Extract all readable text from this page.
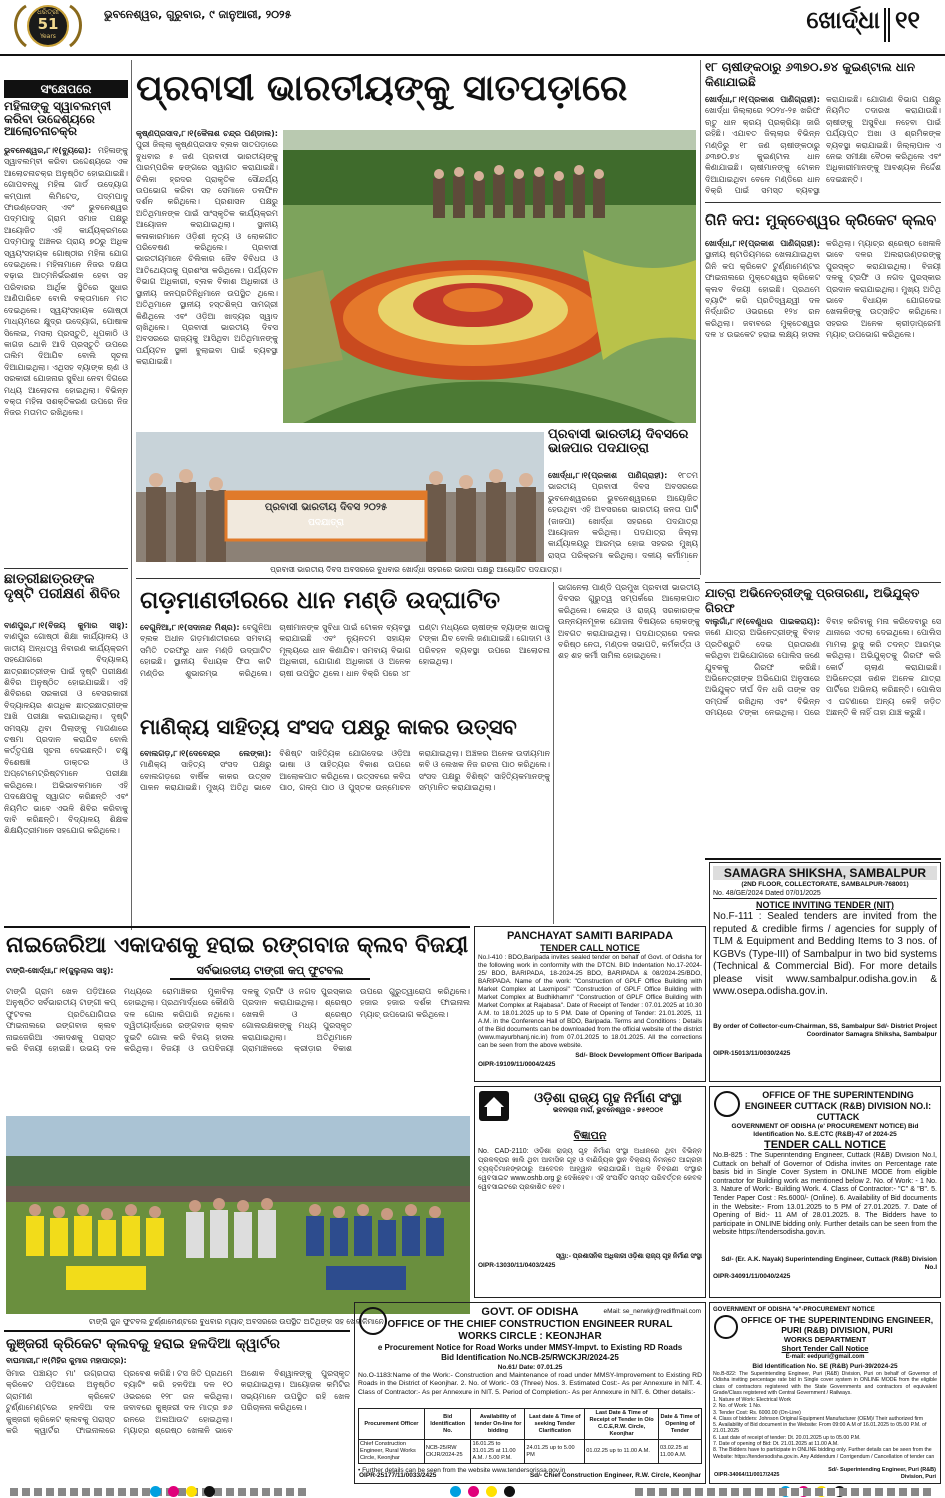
ଧରିତ୍ରୀ
51
Years
ଭୁବନେଶ୍ୱର, ଗୁରୁବାର, ୯ ଜାନୁଆରୀ, ୨୦୨୫	ଖୋର୍ଦ୍ଧା ୧୧
ସଂକ୍ଷେପରେ
ମହିଳାଙ୍କୁ ସ୍ୱାବଲମ୍ବୀ କରିବା ଉଦ୍ଦେଶ୍ୟରେ ଆଲୋଚନାଚକ୍ର
ଭୁବନେଶ୍ୱର,୮।୧(ବ୍ୟୁରୋ): ମହିଳାଙ୍କୁ ସ୍ୱାବଲମ୍ବୀ କରିବା ଉଦ୍ଦେଶ୍ୟରେ ଏକ ଆଲୋଚନାଚକ୍ର ଅନୁଷ୍ଠିତ ହୋଇଯାଇଛି। ଗୋପବନ୍ଧୁ ମହିଳା ଗାର୍ଡ ଉଦ୍ୟୋଗ କମ୍ପାନୀ ଲିମିଟେଡ୍, ପଦ୍ମପାଦୁ ଫାଉଣ୍ଡେସନ୍ ଏବଂ ଭୁବନେଶ୍ୱର ପଦ୍ମପାଦୁ ଗ୍ରାମ ସମାଜ ପକ୍ଷରୁ ଆୟୋଜିତ ଏହି କାର୍ଯ୍ୟକ୍ରମରେ ପଦ୍ମପାଦୁ ଅଞ୍ଚଳର ପ୍ରାୟ ୭୦ରୁ ଅଧିକ ସ୍ୱୟଂସହାୟକ ଗୋଷ୍ଠୀର ମହିଳା ଯୋଗ ଦେଇଥିଲେ। ମହିଳାମାନେ ନିଜର ଦକ୍ଷତା ବଢ଼ାଇ ଆତ୍ମନିର୍ଭରଶୀଳ ହେବା ସହ ପରିବାରର ଆର୍ଥିକ ସ୍ଥିତିରେ ସୁଧାର ଆଣିପାରିବେ ବୋଲି ବକ୍ତାମାନେ ମତ ଦେଇଥିଲେ। ସ୍ୱୟଂସହାୟକ ଗୋଷ୍ଠୀ ମାଧ୍ୟମରେ କ୍ଷୁଦ୍ର ଉଦ୍ୟୋଗ, ପୋଷାକ ସିଲେଇ, ମସଲା ପ୍ରସ୍ତୁତି, ଧୂପକାଠି ଓ କାଗଜ ଥୋଳି ଆଦି ପ୍ରସ୍ତୁତି ଉପରେ ତାଲିମ ଦିଆଯିବ ବୋଲି ସୂଚନା ଦିଆଯାଇଥିଲା। ଏଥିସହ ବ୍ୟାଙ୍କ ଋଣ ଓ ସରକାରୀ ଯୋଜନାର ସୁବିଧା ନେବା ଦିଗରେ ମଧ୍ୟ ଆଲୋଚନା ହୋଇଥିଲା। ବିଭିନ୍ନ ବକ୍ତା ମହିଳା ସଶକ୍ତିକରଣ ଉପରେ ନିଜ ନିଜର ମତାମତ ରଖିଥିଲେ।
ଛାତ୍ରୀଛାତ୍ରଙ୍କ ଦୃଷ୍ଟି ପରୀକ୍ଷଣ ଶିବିର
ବାଣପୁର,୮।୧(ବିଜୟ କୁମାର ସାହୁ): ବାଣପୁର ଗୋଷ୍ଠୀ ଶିକ୍ଷା କାର୍ଯ୍ୟାଳୟ ଓ ଜାତୀୟ ଅନ୍ଧତ୍ୱ ନିବାରଣ କାର୍ଯ୍ୟକ୍ରମ ସହଯୋଗରେ ବିଦ୍ୟାଳୟ ଛାତ୍ରଛାତ୍ରୀଙ୍କ ପାଇଁ ଦୃଷ୍ଟି ପରୀକ୍ଷଣ ଶିବିର ଅନୁଷ୍ଠିତ ହୋଇଯାଇଛି। ଏହି ଶିବିରରେ ସରକାରୀ ଓ ବେସରକାରୀ ବିଦ୍ୟାଳୟର ଶତାଧିକ ଛାତ୍ରଛାତ୍ରୀଙ୍କ ଆଖି ପରୀକ୍ଷା କରାଯାଇଥିଲା। ଦୃଷ୍ଟି ସମସ୍ୟା ଥିବା ପିଲାଙ୍କୁ ମାଗଣାରେ ଚଷମା ପ୍ରଦାନ କରାଯିବ ବୋଲି କର୍ତ୍ତୃପକ୍ଷ ସୂଚନା ଦେଇଛନ୍ତି। ଚକ୍ଷୁ ବିଶେଷଜ୍ଞ ଡାକ୍ତର ଓ ଅପ୍ଟୋମେଟ୍ରିଷ୍ଟମାନେ ପରୀକ୍ଷା କରିଥିଲେ। ଅଭିଭାବକମାନେ ଏହି ପଦକ୍ଷେପକୁ ସ୍ୱାଗତ କରିଛନ୍ତି ଏବଂ ନିୟମିତ ଭାବେ ଏଭଳି ଶିବିର କରିବାକୁ ଦାବି କରିଛନ୍ତି। ବିଦ୍ୟାଳୟ ଶିକ୍ଷକ ଶିକ୍ଷୟିତ୍ରୀମାନେ ସହଯୋଗ କରିଥିଲେ।
ପ୍ରବାସୀ ଭାରତୀୟଙ୍କୁ ସାତପଡ଼ାରେ
କୃଷ୍ଣପ୍ରସାଦ,୮।୧(କୈଳାଶ ଚନ୍ଦ୍ର ପଣ୍ଡାଲ): ପୁରୀ ଜିଲ୍ଲା କୃଷ୍ଣପ୍ରସାଦ ବ୍ଲକ ସାତପଡ଼ାରେ ବୁଧବାର ୫ ଜଣ ପ୍ରବାସୀ ଭାରତୀୟଙ୍କୁ ପାରମ୍ପରିକ ଢଙ୍ଗରେ ସ୍ୱାଗତ କରାଯାଇଛି। ଚିଲିକା ହ୍ରଦର ପ୍ରାକୃତିକ ସୌନ୍ଦର୍ଯ୍ୟ ଉପଭୋଗ କରିବା ସହ ସେମାନେ ଡଲଫିନ ଦର୍ଶନ କରିଥିଲେ। ପ୍ରଶାସନ ପକ୍ଷରୁ ଅତିଥିମାନଙ୍କ ପାଇଁ ସାଂସ୍କୃତିକ କାର୍ଯ୍ୟକ୍ରମ ଆୟୋଜନ କରାଯାଇଥିଲା। ସ୍ଥାନୀୟ କଳାକାରମାନେ ଓଡ଼ିଶୀ ନୃତ୍ୟ ଓ ଲୋକଗୀତ ପରିବେଷଣ କରିଥିଲେ। ପ୍ରବାସୀ ଭାରତୀୟମାନେ ଚିଲିକାର ଜୈବ ବିବିଧତା ଓ ଆତିଥେୟତାକୁ ପ୍ରଶଂସା କରିଥିଲେ। ପର୍ଯ୍ୟଟନ ବିଭାଗ ଅଧିକାରୀ, ବ୍ଲକ ବିକାଶ ଅଧିକାରୀ ଓ ସ୍ଥାନୀୟ ଜନପ୍ରତିନିଧିମାନେ ଉପସ୍ଥିତ ଥିଲେ। ଅତିଥିମାନେ ସ୍ଥାନୀୟ ହସ୍ତଶିଳ୍ପ ସାମଗ୍ରୀ କିଣିଥିଲେ ଏବଂ ଓଡ଼ିଆ ଖାଦ୍ୟର ସ୍ୱାଦ ଚାଖିଥିଲେ। ପ୍ରବାସୀ ଭାରତୀୟ ଦିବସ ଅବସରରେ ରାଜ୍ୟକୁ ଆସିଥିବା ଅତିଥିମାନଙ୍କୁ ପର୍ଯ୍ୟଟନ ସ୍ଥଳୀ ବୁଲାଇବା ପାଇଁ ବ୍ୟବସ୍ଥା କରାଯାଇଛି।
ପ୍ରବାସୀ ଭାରତୀୟ ଦିବସ ୨୦୨୫
ପଦଯାତ୍ରା
ପ୍ରବାସୀ ଭାରତୀୟ ଦିବସ ଅବସରରେ ବୁଧବାର ଖୋର୍ଦ୍ଧା ସହରରେ ଭାଜପା ପକ୍ଷରୁ ଆୟୋଜିତ ପଦଯାତ୍ରା।
ପ୍ରବାସୀ ଭାରତୀୟ ଦିବସରେ ଭାଜପାର ପଦଯାତ୍ରା
ଖୋର୍ଦ୍ଧା,୮।୧(ପ୍ରକାଶ ପାଣିଗ୍ରାହୀ): ୧୮ତମ ଭାରତୀୟ ପ୍ରବାସୀ ଦିବସ ଅବସରରେ ଭୁବନେଶ୍ୱରରେ ଭୁବନେଶ୍ୱରରେ ଆୟୋଜିତ ହେଉଥିବା ଏହି ଅବସରରେ ଭାରତୀୟ ଜନତା ପାର୍ଟି (ଜାଜପା) ଖୋର୍ଦ୍ଧା ସହରରେ ପଦଯାତ୍ରା ଆୟୋଜନ କରିଥିଲା। ପଦଯାତ୍ରା ଜିଲ୍ଲା କାର୍ଯ୍ୟାଳୟରୁ ଆରମ୍ଭ ହୋଇ ସହରର ମୁଖ୍ୟ ରାସ୍ତା ପରିକ୍ରମା କରିଥିଲା। ଦଳୀୟ କର୍ମୀମାନେ
ଗଡ଼ମାଣତୀରରେ ଧାନ ମଣ୍ଡି ଉଦ୍‌ଘାଟିତ
ବେଗୁନିଆ,୮।୧(ସଦାନନ୍ଦ ମିଶ୍ର): ବେଗୁନିଆ ବ୍ଲକ ଅଧୀନ ଗଡ଼ମାଣତୀରରେ ସମବାୟ ସମିତି ତରଫରୁ ଧାନ ମଣ୍ଡି ଉଦ୍‌ଘାଟିତ ହୋଇଛି। ସ୍ଥାନୀୟ ବିଧାୟକ ଫିତା କାଟି ମଣ୍ଡିର ଶୁଭାରମ୍ଭ କରିଥିଲେ। ଚାଷୀମାନଙ୍କ ସୁବିଧା ପାଇଁ ଟୋକନ ବ୍ୟବସ୍ଥା କରାଯାଇଛି ଏବଂ ନ୍ୟୁନତମ ସହାୟକ ମୂଲ୍ୟରେ ଧାନ କିଣାଯିବ। ସମବାୟ ବିଭାଗ ଅଧିକାରୀ, ଯୋଗାଣ ଅଧିକାରୀ ଓ ଅନେକ ଚାଷୀ ଉପସ୍ଥିତ ଥିଲେ। ଧାନ ବିକ୍ରି ପରେ ୪୮ ଘଣ୍ଟା ମଧ୍ୟରେ ଚାଷୀଙ୍କ ବ୍ୟାଙ୍କ ଖାତାକୁ ଟଙ୍କା ଯିବ ବୋଲି ଜଣାଯାଇଛି। ଗୋଦାମ ଓ ପରିବହନ ବ୍ୟବସ୍ଥା ଉପରେ ଆଲୋଚନା ହୋଇଥିଲା।
ମାଣିକ୍ୟ ସାହିତ୍ୟ ସଂସଦ ପକ୍ଷରୁ କାକର ଉତ୍ସବ
ବୋଲଗଡ଼,୮।୧(ଦେବେନ୍ଦ୍ର ଲେଙ୍କା): ମାଣିକ୍ୟ ସାହିତ୍ୟ ସଂସଦ ପକ୍ଷରୁ ବୋଲଗଡ଼ରେ ବାର୍ଷିକ କାକର ଉତ୍ସବ ପାଳନ କରାଯାଇଛି। ମୁଖ୍ୟ ଅତିଥି ଭାବେ ବିଶିଷ୍ଟ ସାହିତ୍ୟିକ ଯୋଗଦେଇ ଓଡ଼ିଆ ଭାଷା ଓ ସାହିତ୍ୟର ବିକାଶ ଉପରେ ଆଲୋକପାତ କରିଥିଲେ। ଉତ୍ସବରେ କବିତା ପାଠ, ଗଳ୍ପ ପାଠ ଓ ପୁସ୍ତକ ଉନ୍ମୋଚନ କରାଯାଇଥିଲା। ଅଞ୍ଚଳର ଅନେକ ଉଦୀୟମାନ କବି ଓ ଲେଖକ ନିଜ ରଚନା ପାଠ କରିଥିଲେ। ସଂସଦ ପକ୍ଷରୁ ବିଶିଷ୍ଟ ସାହିତ୍ୟିକମାନଙ୍କୁ ସମ୍ମାନିତ କରାଯାଇଥିଲା।
ଭାଗନେଲା ପାଣ୍ଡି ପ୍ରମୁଖ ପ୍ରବାସୀ ଭାରତୀୟ ଦିବସର ଗୁରୁତ୍ୱ ସମ୍ପର୍କରେ ଆଲୋକପାତ କରିଥିଲେ। କେନ୍ଦ୍ର ଓ ରାଜ୍ୟ ସରକାରଙ୍କ ଉନ୍ନୟନମୂଳକ ଯୋଜନା ବିଷୟରେ ଲୋକଙ୍କୁ ଅବଗତ କରାଯାଇଥିଲା। ପଦଯାତ୍ରାରେ ଦଳର ବରିଷ୍ଠ ନେତା, ମଣ୍ଡଳ ସଭାପତି, କର୍ମକର୍ତ୍ତା ଓ ଶହ ଶହ କର୍ମୀ ସାମିଲ ହୋଇଥିଲେ।
୧୮ ଚାଷୀଙ୍କଠାରୁ ୬୩୭୦.୭୪ କୁଇଣ୍ଟାଲ ଧାନ କିଣାଯାଇଛି
ଖୋର୍ଦ୍ଧା,୮।୧(ପ୍ରକାଶ ପାଣିଗ୍ରାହୀ): ଖୋର୍ଦ୍ଧା ଜିଲ୍ଲାରେ ୨୦୨୪-୨୫ ଖରିଫ ଋତୁ ଧାନ କ୍ରୟ ପ୍ରକ୍ରିୟା ଜାରି ରହିଛି। ଏଯାବତ ଜିଲ୍ଲାର ବିଭିନ୍ନ ମଣ୍ଡିରୁ ୧୮ ଜଣ ଚାଷୀଙ୍କଠାରୁ ୬୩୭୦.୭୪ କୁଇଣ୍ଟାଲ ଧାନ କିଣାଯାଇଛି। ଚାଷୀମାନଙ୍କୁ ଟୋକନ ଦିଆଯାଇଥିବା ବେଳେ ମଣ୍ଡିରେ ଧାନ ବିକ୍ରି ପାଇଁ ସମସ୍ତ ବ୍ୟବସ୍ଥା କରାଯାଇଛି। ଯୋଗାଣ ବିଭାଗ ପକ୍ଷରୁ ନିୟମିତ ତଦାରଖ କରାଯାଉଛି। ଚାଷୀଙ୍କୁ ଅସୁବିଧା ନହେବା ପାଇଁ ପର୍ଯ୍ୟାପ୍ତ ଅଖା ଓ ଶ୍ରମିକଙ୍କ ବ୍ୟବସ୍ଥା କରାଯାଇଛି। ଜିଲ୍ଲାପାଳ ଏ ନେଇ ସମୀକ୍ଷା ବୈଠକ କରିଥିଲେ ଏବଂ ଅଧିକାରୀମାନଙ୍କୁ ଆବଶ୍ୟକ ନିର୍ଦ୍ଦେଶ ଦେଇଛନ୍ତି।
ଗିନି କପ: ମୁକ୍ତେଶ୍ୱର କ୍ରିକେଟ କ୍ଲବ
ଖୋର୍ଦ୍ଧା,୮।୧(ପ୍ରକାଶ ପାଣିଗ୍ରାହୀ): ସ୍ଥାନୀୟ ଷ୍ଟାଡିୟମରେ ଖେଳାଯାଇଥିବା ଗିନି କପ କ୍ରିକେଟ ଟୁର୍ଣ୍ଣାମେଣ୍ଟର ଫାଇନାଲରେ ମୁକ୍ତେଶ୍ୱର କ୍ରିକେଟ କ୍ଲବ ବିଜୟୀ ହୋଇଛି। ପ୍ରଥମେ ବ୍ୟାଟିଂ କରି ପ୍ରତିଦ୍ୱନ୍ଦ୍ୱୀ ଦଳ ନିର୍ଦ୍ଧାରିତ ଓଭରରେ ୧୨୪ ରନ କରିଥିଲା। ଜବାବରେ ମୁକ୍ତେଶ୍ୱର ଦଳ ୪ ଉଇକେଟ ହରାଇ ଲକ୍ଷ୍ୟ ହାସଲ କରିଥିଲା। ମ୍ୟାଚ୍‌ର ଶ୍ରେଷ୍ଠ ଖେଳାଳି ଭାବେ ଦଳର ଅଲରାଉଣ୍ଡରଙ୍କୁ ପୁରସ୍କୃତ କରାଯାଇଥିଲା। ବିଜୟୀ ଦଳକୁ ଟ୍ରଫି ଓ ନଗଦ ପୁରସ୍କାର ପ୍ରଦାନ କରାଯାଇଥିଲା। ମୁଖ୍ୟ ଅତିଥି ଭାବେ ବିଧାୟକ ଯୋଗଦେଇ ଖେଳାଳିଙ୍କୁ ଉତ୍ସାହିତ କରିଥିଲେ। ସହରର ଅନେକ କ୍ରୀଡ଼ାପ୍ରେମୀ ମ୍ୟାଚ୍ ଉପଭୋଗ କରିଥିଲେ।
ଯାତ୍ରା ଅଭିନେତ୍ରୀଙ୍କୁ ପ୍ରତାରଣା, ଅଭିଯୁକ୍ତ ଗିରଫ
ବାଲୁଗାଁ,୮।୧(ବେଣୁଧର ପାଇକରାୟ): ଜଣେ ଯାତ୍ରା ଅଭିନେତ୍ରୀଙ୍କୁ ବିବାହ ପ୍ରତିଶ୍ରୁତି ଦେଇ ପ୍ରତାରଣା କରିଥିବା ଅଭିଯୋଗରେ ପୋଲିସ ଜଣେ ଯୁବକକୁ ଗିରଫ କରିଛି। ଅଭିନେତ୍ରୀଙ୍କ ଅଭିଯୋଗ ଅନୁସାରେ ଅଭିଯୁକ୍ତ ଦୀର୍ଘ ଦିନ ଧରି ତାଙ୍କ ସହ ସମ୍ପର୍କ ରଖିଥିଲା ଏବଂ ବିଭିନ୍ନ ସମୟରେ ଟଙ୍କା ନେଇଥିଲା। ପରେ ବିବାହ କରିବାକୁ ମନା କରିଦେବାରୁ ସେ ଥାନାରେ ଏତଲା ଦେଇଥିଲେ। ପୋଲିସ ମାମଲା ରୁଜୁ କରି ତଦନ୍ତ ଆରମ୍ଭ କରିଥିଲା। ଅଭିଯୁକ୍ତକୁ ଗିରଫ କରି କୋର୍ଟ ଚାଲାଣ କରାଯାଇଛି। ଅଭିନେତ୍ରୀ ଜଣକ ଅନେକ ଯାତ୍ରା ପାର୍ଟିରେ ଅଭିନୟ କରିଛନ୍ତି। ପୋଲିସ ଏ ଘଟଣାରେ ଅନ୍ୟ କେହି ଜଡ଼ିତ ଅଛନ୍ତି କି ନାହିଁ ତାହା ଯାଞ୍ଚ କରୁଛି।
ନାଇଜେରିଆ ଏକାଦଶକୁ ହରାଇ ରଙ୍ଗବାଜ କ୍ଲବ ବିଜୟୀ
ଟାଙ୍ଗି-ଖୋର୍ଦ୍ଧା,୮।୧(ଜୁଲୁଲାଲ ସାହୁ):	ସର୍ବଭାରତୀୟ ଟାଙ୍ଗୀ କପ୍ ଫୁଟବଲ
ଟାଙ୍ଗି ଗ୍ରାମ ଖେଳ ପଡ଼ିଆରେ ଅନୁଷ୍ଠିତ ସର୍ବଭାରତୀୟ ଟାଙ୍ଗୀ କପ୍ ଫୁଟବଲ ପ୍ରତିଯୋଗିତାର ଫାଇନାଲରେ ରଙ୍ଗବାଜ କ୍ଲବ ନାଇଜେରିଆ ଏକାଦଶକୁ ପରାସ୍ତ କରି ବିଜୟୀ ହୋଇଛି। ଉଭୟ ଦଳ ମଧ୍ୟରେ ରୋମାଞ୍ଚକର ମୁକାବିଲା ହୋଇଥିଲା। ପ୍ରଥମାର୍ଦ୍ଧରେ କୌଣସି ଦଳ ଗୋଲ କରିପାରି ନଥିଲେ। ଦ୍ୱିତୀୟାର୍ଦ୍ଧରେ ରଙ୍ଗବାଜ କ୍ଲବ ଦୁଇଟି ଗୋଲ କରି ବିଜୟ ହାସଲ କରିଥିଲା। ବିଜୟୀ ଓ ଉପବିଜୟୀ ଦଳକୁ ଟ୍ରଫି ଓ ନଗଦ ପୁରସ୍କାର ପ୍ରଦାନ କରାଯାଇଥିଲା। ଶ୍ରେଷ୍ଠ ଖେଳାଳି ଓ ଶ୍ରେଷ୍ଠ ଗୋଲରକ୍ଷକଙ୍କୁ ମଧ୍ୟ ପୁରସ୍କୃତ କରାଯାଇଥିଲା। ଅତିଥିମାନେ ଗ୍ରାମାଞ୍ଚଳରେ କ୍ରୀଡ଼ାର ବିକାଶ ଉପରେ ଗୁରୁତ୍ୱାରୋପ କରିଥିଲେ। ହଜାର ହଜାର ଦର୍ଶକ ଫାଇନାଲ ମ୍ୟାଚ୍ ଉପଭୋଗ କରିଥିଲେ।
ଟାଙ୍ଗି ଜୁନ ଫୁଟବଲ ଟୁର୍ଣ୍ଣାମେଣ୍ଟରେ ବୁଧବାର ମ୍ୟାଚ୍ ଅବସରରେ ଉପସ୍ଥିତ ଅତିଥିଙ୍କ ସହ ଖେଳାଳିମାନେ।
କୁଞ୍ଜରୀ କ୍ରିକେଟ କ୍ଲବକୁ ହରାଇ ହଳଦିଆ କ୍ୱାର୍ଟର
ବାଘମାରୀ,୮।୧(ମିହିର କୁମାର ମହାପାତ୍ର):
ସିମାର ପଞ୍ଚାୟତ ମା' ଉଗ୍ରତାରା କ୍ରିକେଟ ପଡ଼ିଆରେ ଅନୁଷ୍ଠିତ ଗ୍ରାମୀଣ କ୍ରିକେଟ ଟୁର୍ଣ୍ଣାମେଣ୍ଟରେ ହଳଦିଆ ଦଳ କୁଞ୍ଜରୀ କ୍ରିକେଟ କ୍ଲବକୁ ପରାସ୍ତ କରି କ୍ୱାର୍ଟର ଫାଇନାଲରେ ପ୍ରବେଶ କରିଛି। ଟସ ଜିତି ପ୍ରଥମେ ବ୍ୟାଟିଂ କରି ହଳଦିଆ ଦଳ ୧୦ ଓଭରରେ ୧୨୮ ରନ କରିଥିଲା। ଜବାବରେ କୁଞ୍ଜରୀ ଦଳ ମାତ୍ର ୭୬ ରନରେ ଅଲଆଉଟ ହୋଇଥିଲା। ମ୍ୟାଚ୍‌ର ଶ୍ରେଷ୍ଠ ଖେଳାଳି ଭାବେ ଅଶୋକ ବିଶ୍ୱାଳଙ୍କୁ ପୁରସ୍କୃତ କରାଯାଇଥିଲା। ଆୟୋଜକ କମିଟିର ସଭ୍ୟମାନେ ଉପସ୍ଥିତ ରହି ଖେଳ ପରିଚାଳନା କରିଥିଲେ।
PANCHAYAT SAMITI BARIPADA
TENDER CALL NOTICE
No.I-410 : BDO,Baripada invites sealed tender on behalf of Govt. of Odisha for the following work in conformity with the DTCN. BID Indentation No.17-2024-25/ BDO, BARIPADA, 18-2024-25 BDO, BARIPADA & 08/2024-25/BDO, BARIPADA. Name of the work: "Construction of GPLF Office Building with Market Complex at Laxmiposi" "Construction of GPLF Office Building with Market Complex at Budhikhamri" "Construction of GPLF Office Building with Market Complex at Rajabasa". Date of Receipt of Tender : 07.01.2025 at 10.30 A.M. to 18.01.2025 up to 5 PM. Date of Opening of Tender: 21.01.2025, 11 A.M. in the Conference Hall of BDO, Baripada. Terms and Conditions : Details of the Bid documents can be downloaded from the official website of the district (www.mayurbhanj.nic.in) from 07.01.2025 to 18.01.2025. All the corrections can be seen from the above website.
Sd/- Block Development Officer Baripada
OIPR-19109/11/0004/2425
SAMAGRA SHIKSHA, SAMBALPUR
(2ND FLOOR, COLLECTORATE, SAMBALPUR-768001)
No. 48/GE/2024 Dated 07/01/2025
NOTICE INVITING TENDER (NIT)
No.F-111 : Sealed tenders are invited from the reputed & credible firms / agencies for supply of TLM & Equipment and Bedding Items to 3 nos. of KGBVs (Type-III) of Sambalpur in two bid systems (Technical & Commercial Bid). For more details please visit www.sambalpur.odisha.gov.in & www.osepa.odisha.gov.in.
By order of Collector-cum-Chairman, SS, Sambalpur Sd/- District Project Coordinator Samagra Shiksha, Sambalpur
OIPR-15013/11/0030/2425
ଓଡ଼ିଶା ରାଜ୍ୟ ଗୃହ ନିର୍ମାଣ ସଂସ୍ଥା
ଭବନରାଜ ମାର୍ଗ, ଭୁବନେଶ୍ୱର - ୭୫୧୦୦୧
ବିଜ୍ଞାପନ
No. CAD-2110: ଓଡ଼ିଶା ରାଜ୍ୟ ଗୃହ ନିର୍ମାଣ ସଂସ୍ଥା ଅଧୀନରେ ଥିବା ବିଭିନ୍ନ ପ୍ରକଳ୍ପର ଖାଲି ଥିବା ଆବାସିକ ଗୃହ ଓ ବାଣିଜ୍ୟିକ ସ୍ଥାନ ବିକ୍ରୟ ନିମନ୍ତେ ଆଗ୍ରହୀ ବ୍ୟକ୍ତିମାନଙ୍କଠାରୁ ଆବେଦନ ଆହ୍ୱାନ କରାଯାଉଛି। ଅଧିକ ବିବରଣୀ ସଂସ୍ଥାର ୱେବସାଇଟ www.oshb.org ରୁ ଦେଖିହେବ। ଏହି ସଂପର୍କିତ ସମସ୍ତ ପରିବର୍ତ୍ତନ କେବଳ ୱେବସାଇଟରେ ପ୍ରକାଶିତ ହେବ।
ସ୍ୱା:- ପ୍ରଶାସନିକ ଅଧିକାରୀ ଓଡ଼ିଶା ରାଜ୍ୟ ଗୃହ ନିର୍ମାଣ ସଂସ୍ଥା
OIPR-13030/11/0403/2425
OFFICE OF THE SUPERINTENDING ENGINEER CUTTACK (R&B) DIVISION NO.I: CUTTACK
GOVERNMENT OF ODISHA (e' PROCUREMENT NOTICE) Bid Identification No. S.E.CTC (R&B)-47 of 2024-25
TENDER CALL NOTICE
No.B-825 : The Superintending Engineer, Cuttack (R&B) Division No.I, Cuttack on behalf of Governor of Odisha invites on Percentage rate basis bid in Single Cover System in ONLINE MODE from eligible contractor for Building work as mentioned below 2. No. of Work: - 1 No. 3. Nature of Work:- Building Work. 4. Class of Contractor:- "C" & "B". 5. Tender Paper Cost : Rs.6000/- (Online). 6. Availability of Bid documents in the Website:- From 13.01.2025 to 5 PM of 27.01.2025. 7. Date of Opening of Bid:- 11 AM of 28.01.2025. 8. The Bidders have to participate in ONLINE bidding only. Further details can be seen from the website https://tendersodisha.gov.in.
Sd/- (Er. A.K. Nayak) Superintending Engineer, Cuttack (R&B) Division No.I
OIPR-34091/11/0040/2425
GOVT. OF ODISHA	eMail: se_nerwkjr@rediffmail.com
OFFICE OF THE CHIEF CONSTRUCTION ENGINEER RURAL WORKS CIRCLE : KEONJHAR
e Procurement Notice for Road Works under MMSY-Impvt. to Existing RD Roads
Bid Identification No.NCB-25/RWCKJR/2024-25
No.61/ Date: 07.01.25
No.O-1183:Name of the Work:- Construction and Maintenance of road under MMSY-Improvement to Existing RD Roads in the District of Keonjhar. 2. No. of Work:- 03 (Three) Nos. 3. Estimated Cost:- As per Annexure in NIT. 4. Class of Contractor:- As per Annexure in NIT. 5. Period of Completion:- As per Annexure in NIT. 6. Other details:-
Procurement Officer	Bid Identification No.	Availability of tender On-line for bidding	Last date & Time of seeking Tender Clarification	Last Date & Time of Receipt of Tender in O/o C.C.E,R.W. Circle, Keonjhar	Date & Time of Opening of Tender
Chief Construction Engineer, Rural Works Circle, Keonjhar	NCB-25/RW CKJR/2024-25	16.01.25 to 31.01.25 at 11.00 A.M. / 5.00 P.M.	24.01.25 up to 5.00 PM	01.02.25 up to 11.00 A.M.	03.02.25 at 11.00 A.M.
• Further details can be seen from the website www.tendersorissa.gov.in
OIPR-25177/11/0033/2425	Sd/- Chief Construction Engineer, R.W. Circle, Keonjhar
GOVERNMENT OF ODISHA "e"-PROCUREMENT NOTICE
OFFICE OF THE SUPERINTENDING ENGINEER, PURI (R&B) DIVISION, PURI
WORKS DEPARTMENT
Short Tender Call Notice
E-mail: eedpuri@gmail.com
Bid Identification No. SE (R&B) Puri-39/2024-25
No.B-822: The Superintending Engineer, Puri (R&B) Division, Puri on behalf of Governor of Odisha inviting percentage rate bid in Single cover system in ONLINE MODE from the eligible class of contractors registered with the State Governments and contractors of equivalent Grade/Class registered with Central Government / Railways.
1. Nature of Work: Electrical Work
2. No. of Work: 1 No.
3. Tender Cost: Rs. 6000.00 (On-Line)
4. Class of bidders: Johnson Original Equipment Manufacturer (OEM)/ Their authorized firm
5. Availability of Bid document in the Website: From 09:00 A.M of 16.01.2025 to 05.00 P.M. of 21.01.2025
6. Last date of receipt of tender: Dt. 20.01.2025 up to 05.00 P.M.
7. Date of opening of Bid: Dt. 21.01.2025 at 11.00 A.M.
8. The Bidders have to participate in ONLINE bidding only. Further details can be seen from the Website: https://tendersodisha.gov.in. Any Addendum / Corrigendum / Cancellation of tender can
OIPR-34064/11/0017/2425
Sd/- Superintending Engineer, Puri (R&B) Division, Puri
